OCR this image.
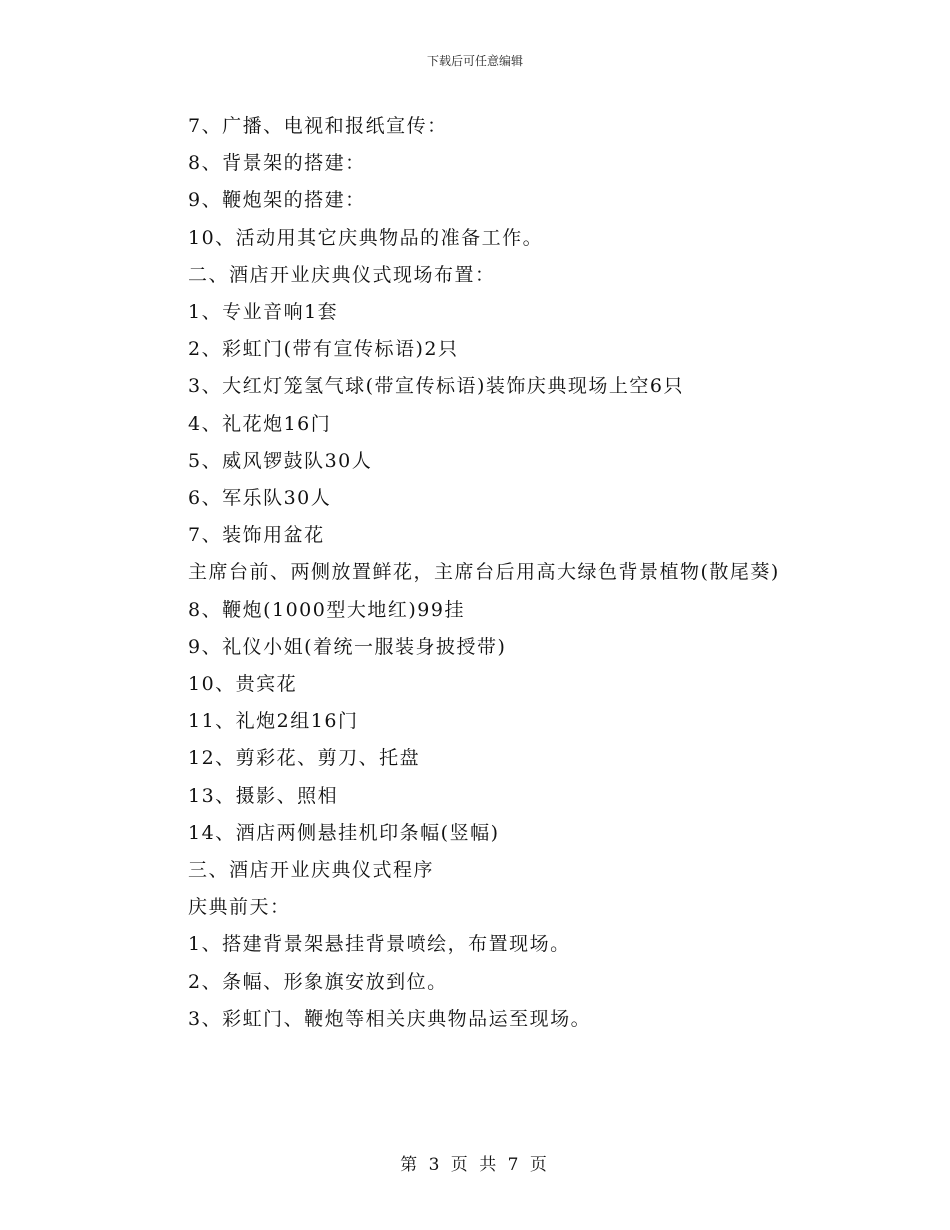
下载后可任意编辑

7、广播、电视和报纸宣传：

8、背景架的搭建：

9、鞭炮架的搭建：

10、活动用其它庆典物品的准备工作。

二、酒店开业庆典仪式现场布置：

1、专业音响1套

2、彩虹门(带有宣传标语)2只

3、大红灯笼氢气球(带宣传标语)装饰庆典现场上空6只

4、礼花炮16门

5、威风锣鼓队30人

6、军乐队30人

7、装饰用盆花

主席台前、两侧放置鲜花，主席台后用高大绿色背景植物(散尾葵)

8、鞭炮(1000型大地红)99挂

9、礼仪小姐(着统一服装身披授带)

10、贵宾花

11、礼炮2组16门

12、剪彩花、剪刀、托盘

13、摄影、照相

14、酒店两侧悬挂机印条幅(竖幅)

三、酒店开业庆典仪式程序

庆典前天：

1、搭建背景架悬挂背景喷绘，布置现场。

2、条幅、形象旗安放到位。

3、彩虹门、鞭炮等相关庆典物品运至现场。

第 3 页 共 7 页
